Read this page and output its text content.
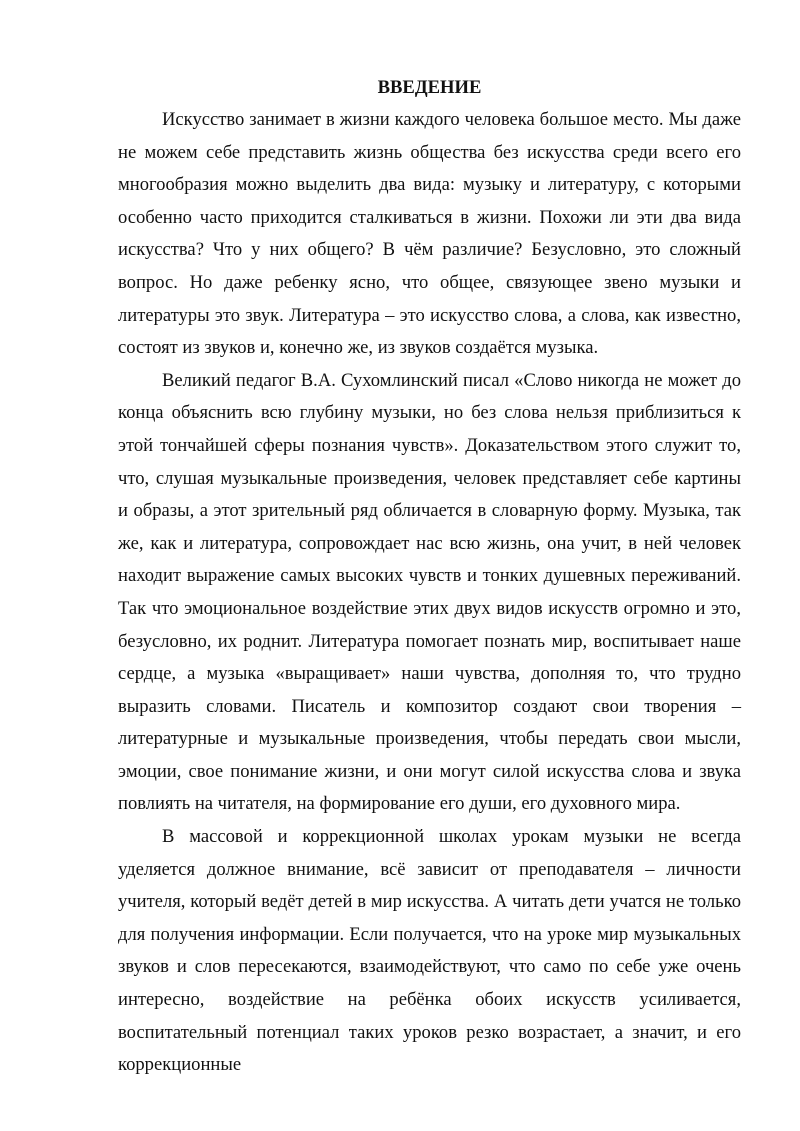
ВВЕДЕНИЕ

Искусство занимает в жизни каждого человека большое место. Мы даже не можем себе представить жизнь общества без искусства среди всего его многообразия можно выделить два вида: музыку и литературу, с которыми особенно часто приходится сталкиваться в жизни. Похожи ли эти два вида искусства? Что у них общего? В чём различие? Безусловно, это сложный вопрос. Но даже ребенку ясно, что общее, связующее звено музыки и литературы это звук. Литература – это искусство слова, а слова, как известно, состоят из звуков и, конечно же, из звуков создаётся музыка.

Великий педагог В.А. Сухомлинский писал «Слово никогда не может до конца объяснить всю глубину музыки, но без слова нельзя приблизиться к этой тончайшей сферы познания чувств». Доказательством этого служит то, что, слушая музыкальные произведения, человек представляет себе картины и образы, а этот зрительный ряд обличается в словарную форму. Музыка, так же, как и литература, сопровождает нас всю жизнь, она учит, в ней человек находит выражение самых высоких чувств и тонких душевных переживаний. Так что эмоциональное воздействие этих двух видов искусств огромно и это, безусловно, их роднит. Литература помогает познать мир, воспитывает наше сердце, а музыка «выращивает» наши чувства, дополняя то, что трудно выразить словами. Писатель и композитор создают свои творения – литературные и музыкальные произведения, чтобы передать свои мысли, эмоции, свое понимание жизни, и они могут силой искусства слова и звука повлиять на читателя, на формирование его души, его духовного мира.

В массовой и коррекционной школах урокам музыки не всегда уделяется должное внимание, всё зависит от преподавателя – личности учителя, который ведёт детей в мир искусства. А читать дети учатся не только для получения информации. Если получается, что на уроке мир музыкальных звуков и слов пересекаются, взаимодействуют, что само по себе уже очень интересно, воздействие на ребёнка обоих искусств усиливается, воспитательный потенциал таких уроков резко возрастает, а значит, и его коррекционные
